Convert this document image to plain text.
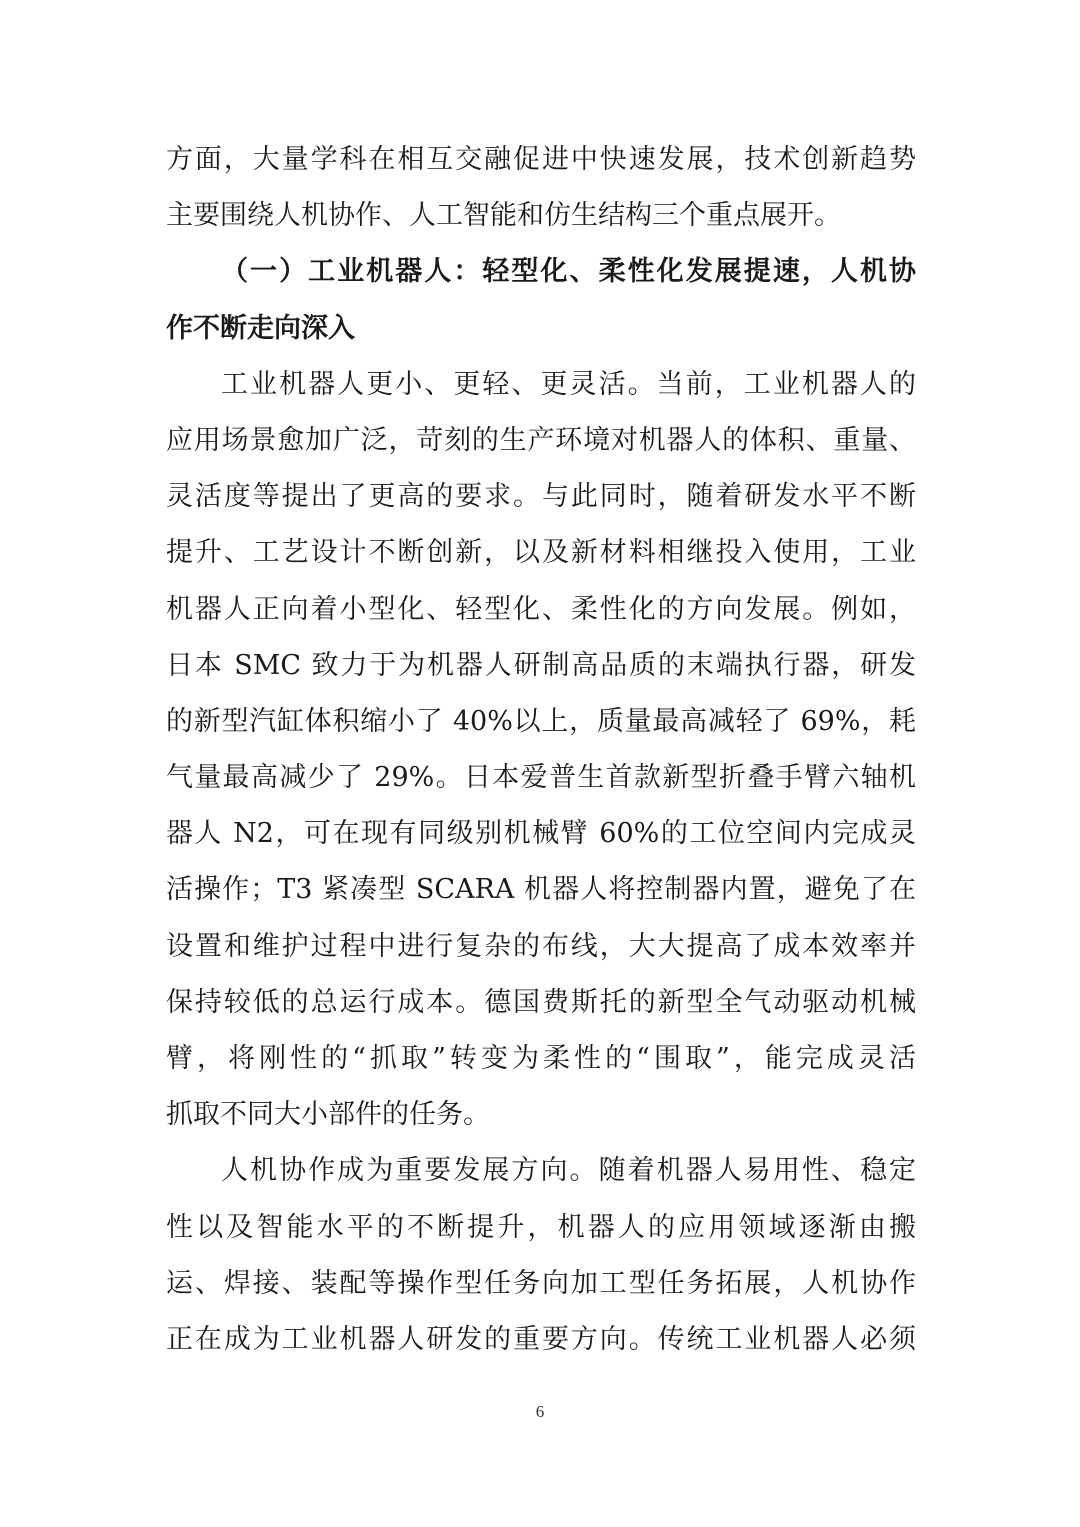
方面，大量学科在相互交融促进中快速发展，技术创新趋势
主要围绕人机协作、人工智能和仿生结构三个重点展开。
（一）工业机器人：轻型化、柔性化发展提速，人机协
作不断走向深入
工业机器人更小、更轻、更灵活。当前，工业机器人的
应用场景愈加广泛，苛刻的生产环境对机器人的体积、重量、
灵活度等提出了更高的要求。与此同时，随着研发水平不断
提升、工艺设计不断创新，以及新材料相继投入使用，工业
机器人正向着小型化、轻型化、柔性化的方向发展。例如，
日本 SMC 致力于为机器人研制高品质的末端执行器，研发
的新型汽缸体积缩小了 40%以上，质量最高减轻了 69%，耗
气量最高减少了 29%。日本爱普生首款新型折叠手臂六轴机
器人 N2，可在现有同级别机械臂 60%的工位空间内完成灵
活操作；T3 紧凑型 SCARA 机器人将控制器内置，避免了在
设置和维护过程中进行复杂的布线，大大提高了成本效率并
保持较低的总运行成本。德国费斯托的新型全气动驱动机械
臂，将刚性的“抓取”转变为柔性的“围取”，能完成灵活
抓取不同大小部件的任务。
人机协作成为重要发展方向。随着机器人易用性、稳定
性以及智能水平的不断提升，机器人的应用领域逐渐由搬
运、焊接、装配等操作型任务向加工型任务拓展，人机协作
正在成为工业机器人研发的重要方向。传统工业机器人必须
6
